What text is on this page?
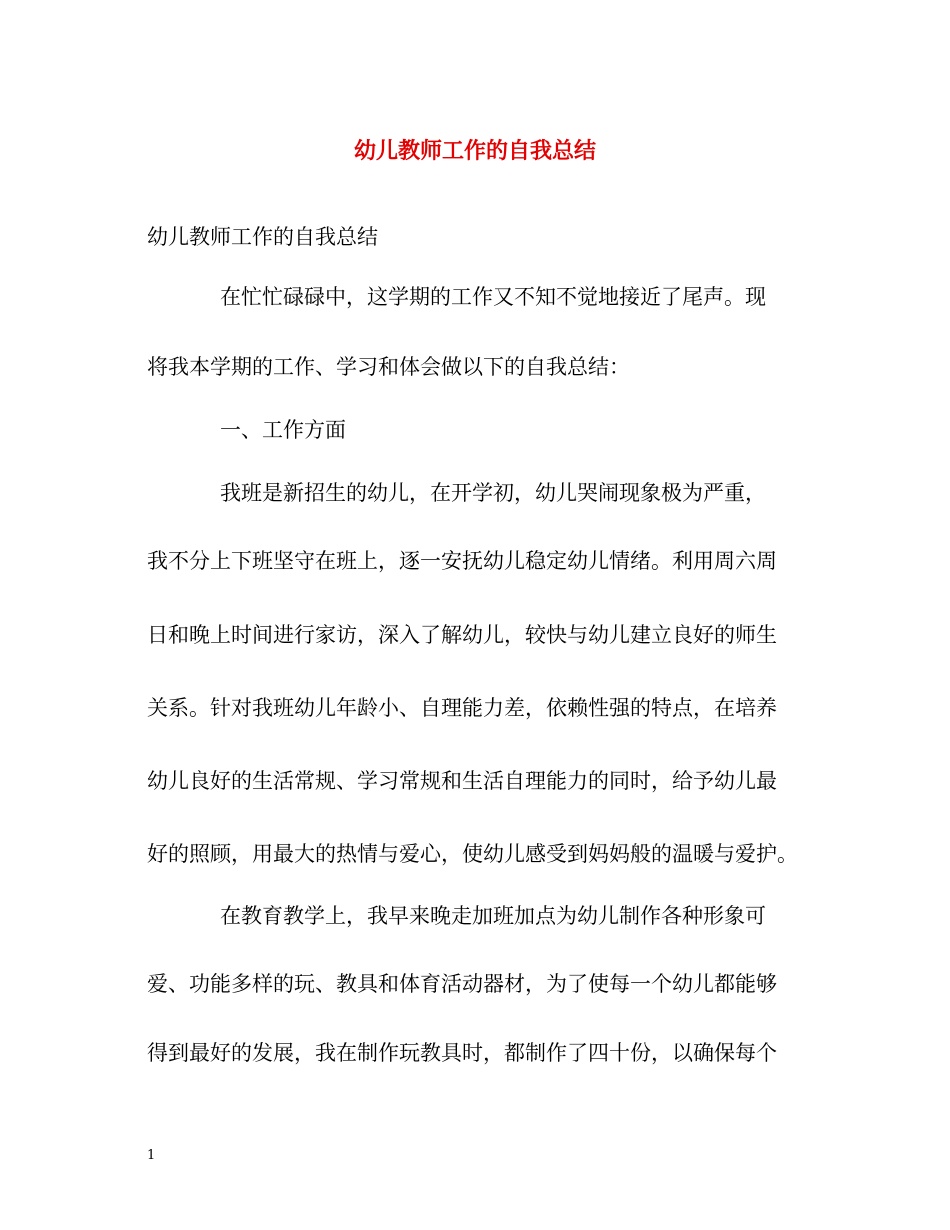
幼儿教师工作的自我总结
幼儿教师工作的自我总结
在忙忙碌碌中，这学期的工作又不知不觉地接近了尾声。现
将我本学期的工作、学习和体会做以下的自我总结：
一、工作方面
我班是新招生的幼儿，在开学初，幼儿哭闹现象极为严重，
我不分上下班坚守在班上，逐一安抚幼儿稳定幼儿情绪。利用周六周
日和晚上时间进行家访，深入了解幼儿，较快与幼儿建立良好的师生
关系。针对我班幼儿年龄小、自理能力差，依赖性强的特点，在培养
幼儿良好的生活常规、学习常规和生活自理能力的同时，给予幼儿最
好的照顾，用最大的热情与爱心，使幼儿感受到妈妈般的温暖与爱护。
在教育教学上，我早来晚走加班加点为幼儿制作各种形象可
爱、功能多样的玩、教具和体育活动器材，为了使每一个幼儿都能够
得到最好的发展，我在制作玩教具时，都制作了四十份，以确保每个
1
